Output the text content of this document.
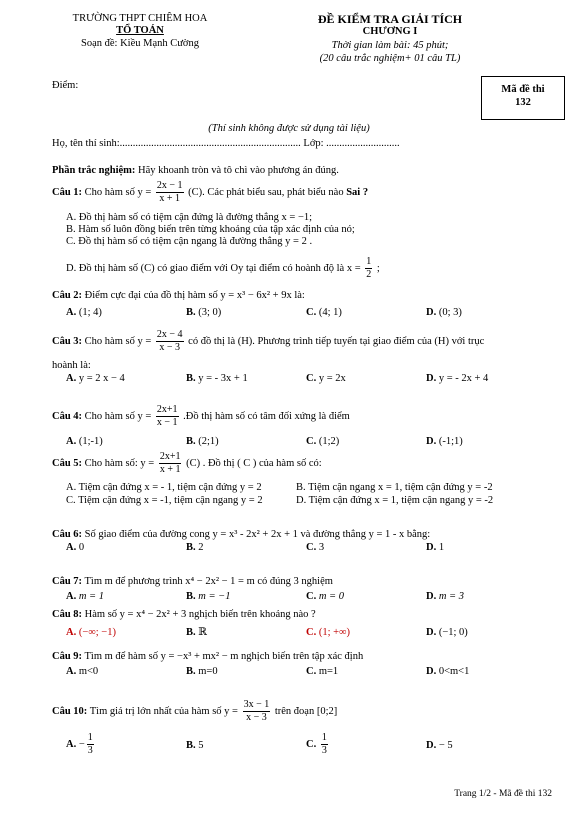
TRƯỜNG THPT CHIÊM HOA
TỔ TOÁN
Soạn đề: Kiều Mạnh Cường
ĐỀ KIỂM TRA GIẢI TÍCH
CHƯƠNG I
Thời gian làm bài: 45 phút;
(20 câu trắc nghiệm+ 01 câu TL)
Điểm:	Mã đề thi
132
(Thí sinh không được sử dụng tài liệu)
Họ, tên thí sinh:..................................................................... Lớp: ............................
Phần trắc nghiệm: Hãy khoanh tròn và tô chì vào phương án đúng.
Câu 1: Cho hàm số $y = \frac{2x - 1}{x + 1} (C)$. Các phát biểu sau, phát biểu nào Sai ?
A. Đồ thị hàm số có tiệm cận đứng là đường thẳng x = −1;
B. Hàm số luôn đồng biến trên từng khoảng của tập xác định của nó;
C. Đồ thị hàm số có tiệm cận ngang là đường thẳng y = 2 .
D. Đồ thị hàm số (C) có giao điểm với Oy tại điểm có hoành độ là $x = \frac{1}{2}$ ;
Câu 2: Điểm cực đại của đồ thị hàm số y = x³ − 6x² + 9x là:
A. (1; 4)	B. (3; 0)	C. (4; 1)	D. (0; 3)
Câu 3: Cho hàm số $y = \frac{2x - 4}{x - 3}$ có đồ thị là (H). Phương trình tiếp tuyến tại giao điểm của (H) với trục
hoành là:
A. y = 2 x − 4	B. y = - 3x + 1	C. y = 2x	D. y = - 2x + 4
Câu 4: Cho hàm số $y = \frac{2x+1}{x - 1}$ .Đồ thị hàm số có tâm đối xứng là điểm
A. (1;-1)	B. (2;1)	C. (1;2)	D. (-1;1)
Câu 5: Cho hàm số: $y = \frac{2x+1}{x + 1} (C)$ . Đồ thị ( C ) của hàm số có:
A. Tiệm cận đứng x = - 1, tiệm cận đứng y = 2	B. Tiệm cận ngang x = 1, tiệm cận đứng y = -2
C. Tiệm cận đứng x = -1, tiệm cận ngang y = 2	D. Tiệm cận đứng x = 1, tiệm cận ngang y = -2
Câu 6: Số giao điểm của đường cong y = x³ - 2x² + 2x + 1 và đường thẳng y = 1 - x bằng:
A. 0	B. 2	C. 3	D. 1
Câu 7: Tìm m để phương trình x⁴ − 2x² − 1 = m có đúng 3 nghiệm
A. m = 1	B. m = −1	C. m = 0	D. m = 3
Câu 8: Hàm số y = x⁴ − 2x² + 3 nghịch biến trên khoảng nào ?
A. (−∞; −1)	B. ℝ	C. (1; +∞)	D. (−1; 0)
Câu 9: Tìm m để hàm số y = −x³ + mx² − m nghịch biến trên tập xác định
A. m<0	B. m=0	C. m=1	D. 0<m<1
Câu 10: Tìm giá trị lớn nhất của hàm số $y = \frac{3x - 1}{x - 3}$ trên đoạn [0;2]
A. − $\frac{1}{3}$	B. 5	C. $\frac{1}{3}$	D. − 5
Trang 1/2 - Mã đề thi 132
